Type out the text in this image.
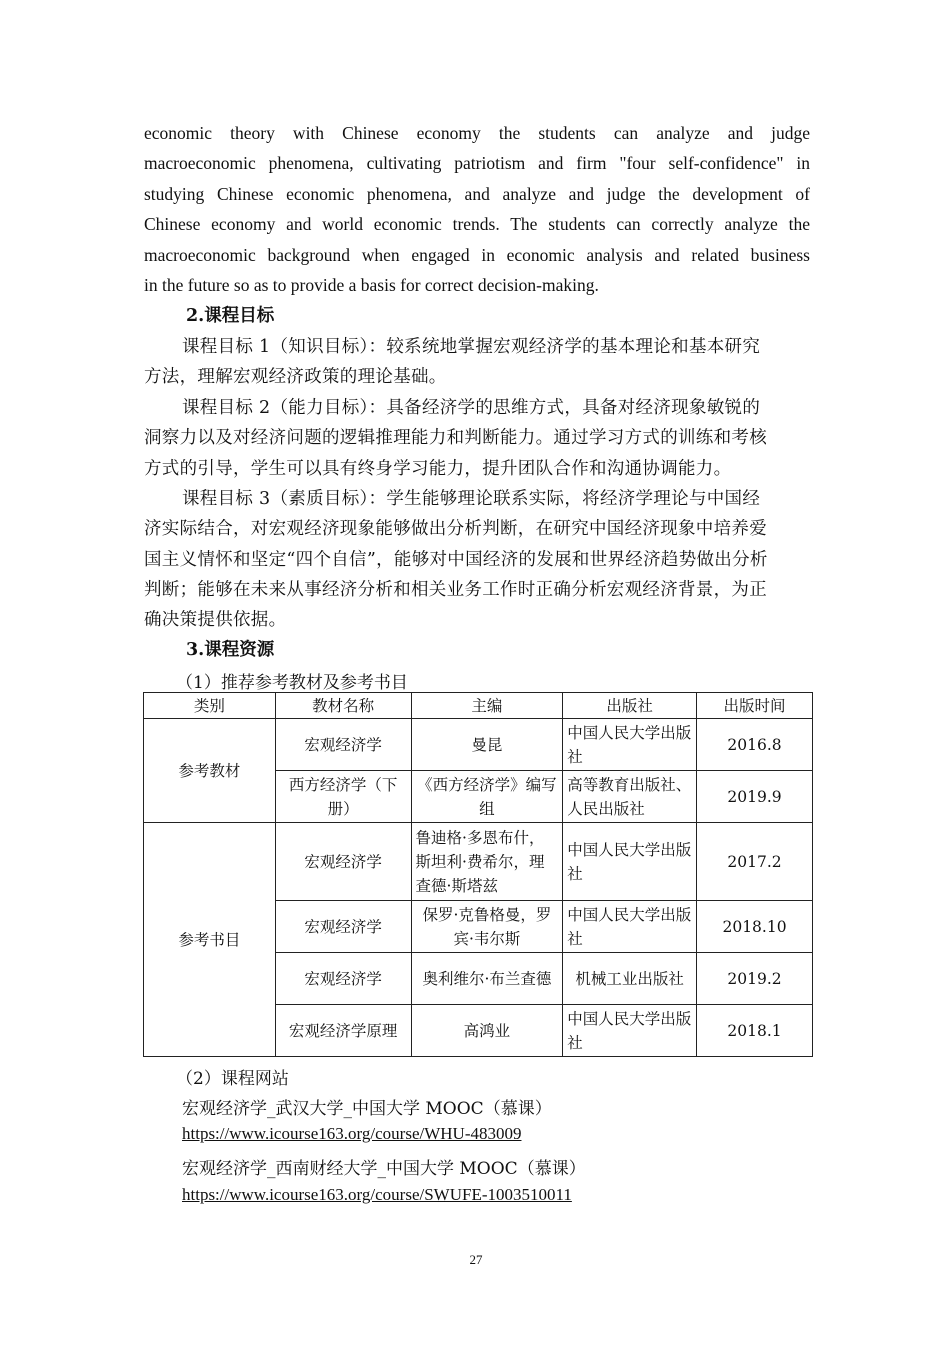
economic theory with Chinese economy the students can analyze and judge
macroeconomic phenomena, cultivating patriotism and firm "four self-confidence" in
studying Chinese economic phenomena, and analyze and judge the development of
Chinese economy and world economic trends. The students can correctly analyze the
macroeconomic background when engaged in economic analysis and related business
in the future so as to provide a basis for correct decision-making.
2.课程目标
课程目标 1（知识目标）：较系统地掌握宏观经济学的基本理论和基本研究
方法，理解宏观经济政策的理论基础。
课程目标 2（能力目标）：具备经济学的思维方式，具备对经济现象敏锐的
洞察力以及对经济问题的逻辑推理能力和判断能力。通过学习方式的训练和考核
方式的引导，学生可以具有终身学习能力，提升团队合作和沟通协调能力。
课程目标 3（素质目标）：学生能够理论联系实际，将经济学理论与中国经
济实际结合，对宏观经济现象能够做出分析判断，在研究中国经济现象中培养爱
国主义情怀和坚定“四个自信”，能够对中国经济的发展和世界经济趋势做出分析
判断；能够在未来从事经济分析和相关业务工作时正确分析宏观经济背景，为正
确决策提供依据。
3.课程资源
（1）推荐参考教材及参考书目
类别	教材名称	主编	出版社	出版时间
参考教材	宏观经济学	曼昆	中国人民大学出版社	2016.8
	西方经济学（下册）	《西方经济学》编写组	高等教育出版社、人民出版社	2019.9
参考书目	宏观经济学	鲁迪格·多恩布什，斯坦利·费希尔，理查德·斯塔兹	中国人民大学出版社	2017.2
	宏观经济学	保罗·克鲁格曼，罗宾·韦尔斯	中国人民大学出版社	2018.10
	宏观经济学	奥利维尔·布兰查德	机械工业出版社	2019.2
	宏观经济学原理	高鸿业	中国人民大学出版社	2018.1
（2）课程网站
宏观经济学_武汉大学_中国大学 MOOC（慕课）
https://www.icourse163.org/course/WHU-483009
宏观经济学_西南财经大学_中国大学 MOOC（慕课）
https://www.icourse163.org/course/SWUFE-1003510011
27
